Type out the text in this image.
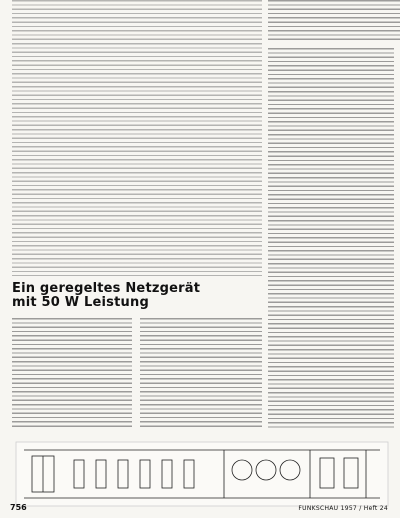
Ein geregeltes Netzgerät
mit 50 W Leistung

756	FUNKSCHAU 1957 / Heft 24
